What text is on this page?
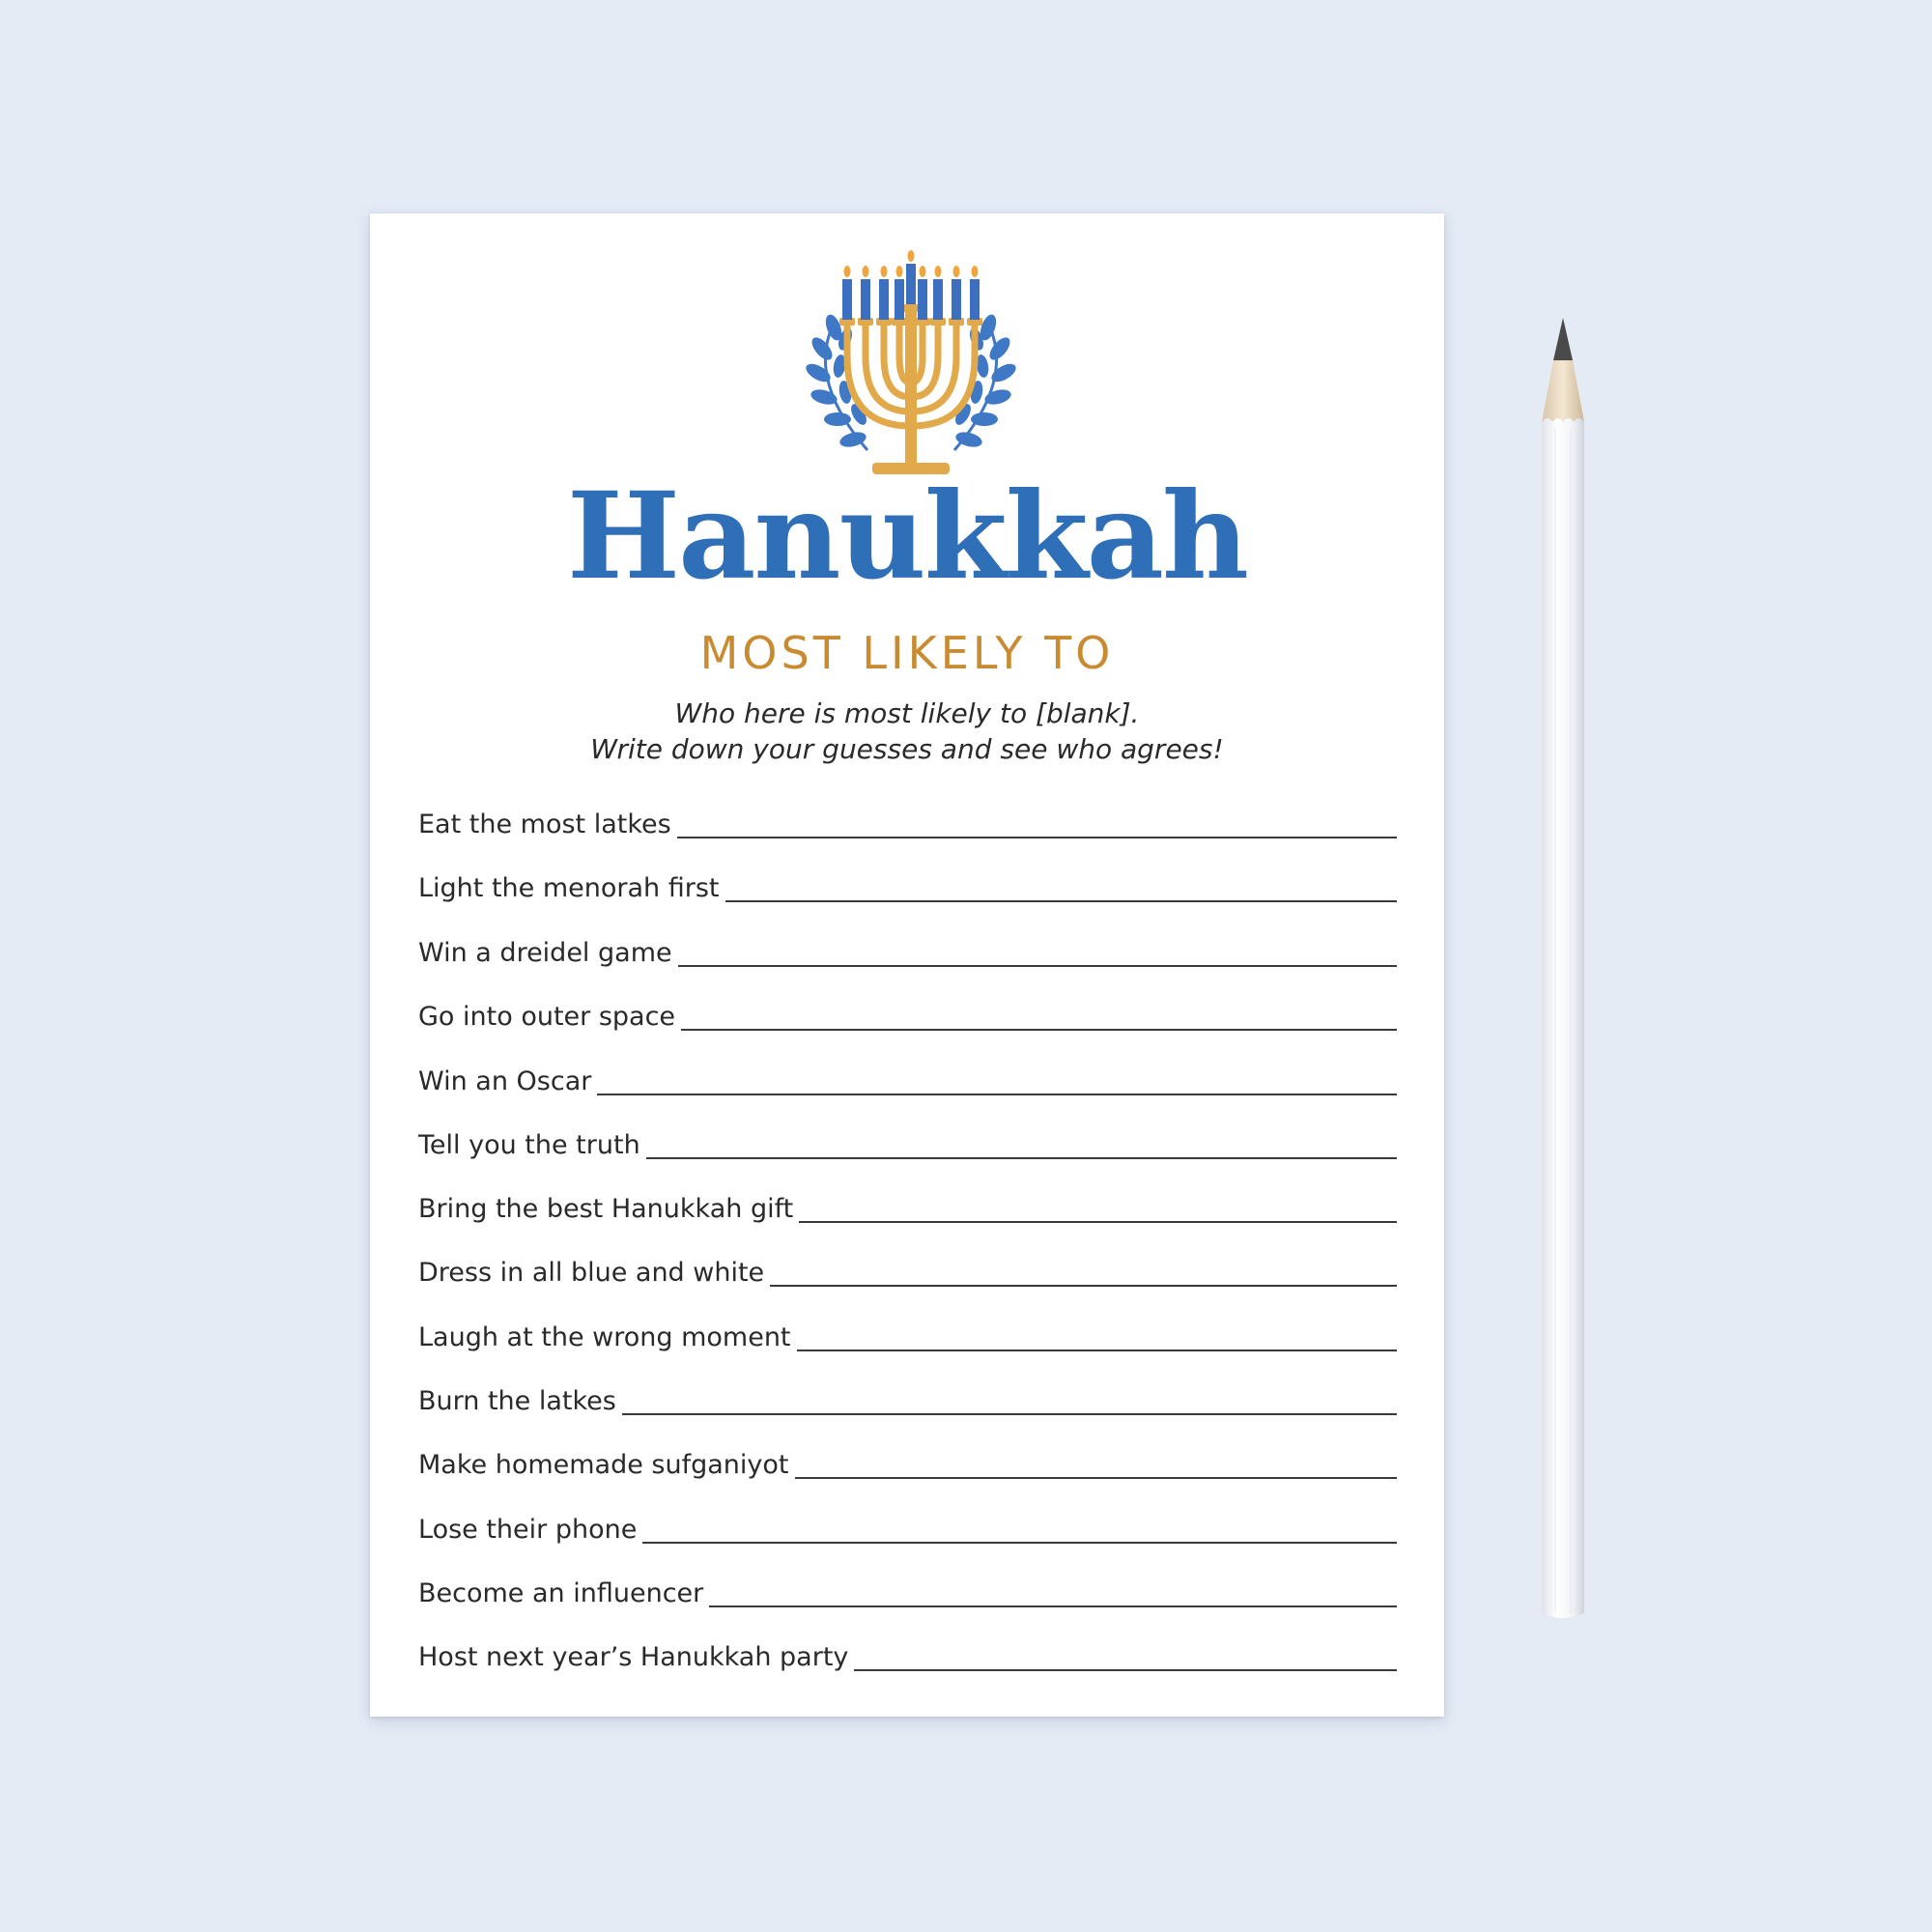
Hanukkah
MOST LIKELY TO
Who here is most likely to [blank].
Write down your guesses and see who agrees!
Eat the most latkes
Light the menorah first
Win a dreidel game
Go into outer space
Win an Oscar
Tell you the truth
Bring the best Hanukkah gift
Dress in all blue and white
Laugh at the wrong moment
Burn the latkes
Make homemade sufganiyot
Lose their phone
Become an influencer
Host next year’s Hanukkah party
